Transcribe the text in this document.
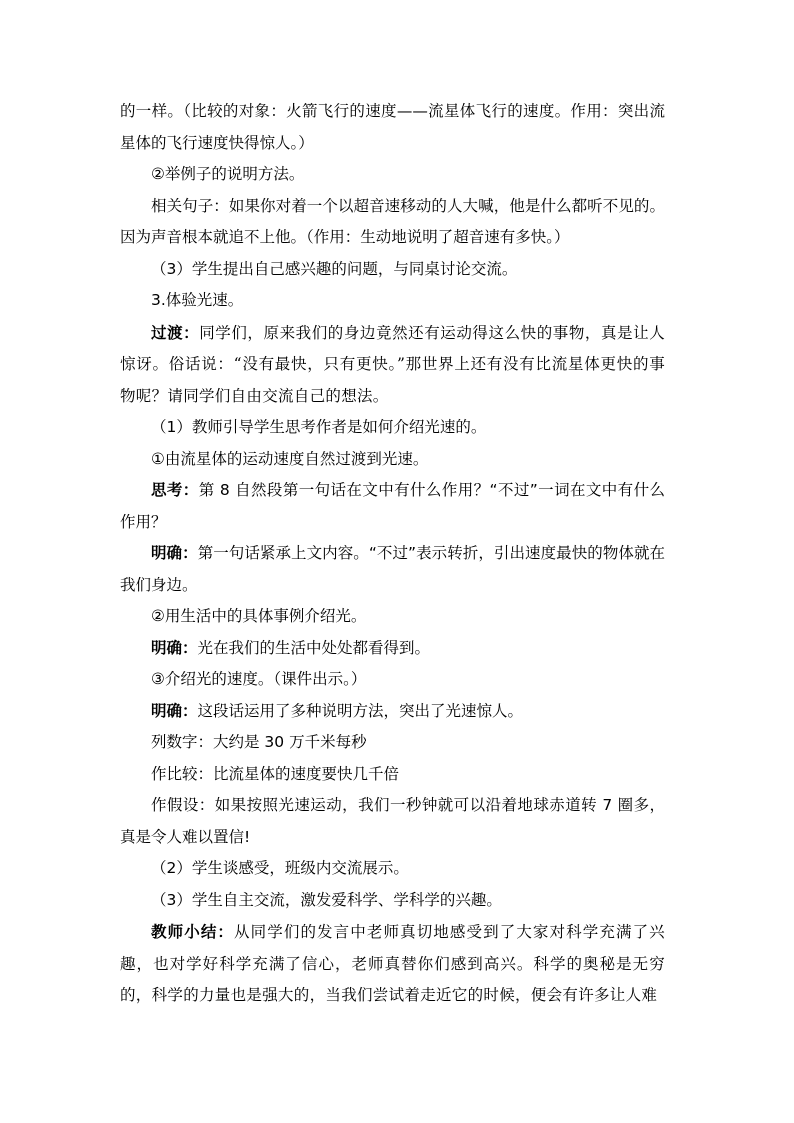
的一样。（比较的对象：火箭飞行的速度——流星体飞行的速度。作用：突出流星体的飞行速度快得惊人。）

②举例子的说明方法。

相关句子：如果你对着一个以超音速移动的人大喊，他是什么都听不见的。因为声音根本就追不上他。（作用：生动地说明了超音速有多快。）

（3）学生提出自己感兴趣的问题，与同桌讨论交流。

3.体验光速。

过渡：同学们，原来我们的身边竟然还有运动得这么快的事物，真是让人惊讶。俗话说：“没有最快，只有更快。”那世界上还有没有比流星体更快的事物呢？请同学们自由交流自己的想法。

（1）教师引导学生思考作者是如何介绍光速的。

①由流星体的运动速度自然过渡到光速。

思考：第 8 自然段第一句话在文中有什么作用？“不过”一词在文中有什么作用？

明确：第一句话紧承上文内容。“不过”表示转折，引出速度最快的物体就在我们身边。

②用生活中的具体事例介绍光。

明确：光在我们的生活中处处都看得到。

③介绍光的速度。（课件出示。）

明确：这段话运用了多种说明方法，突出了光速惊人。

列数字：大约是 30 万千米每秒

作比较：比流星体的速度要快几千倍

作假设：如果按照光速运动，我们一秒钟就可以沿着地球赤道转 7 圈多，真是令人难以置信!

（2）学生谈感受，班级内交流展示。

（3）学生自主交流，激发爱科学、学科学的兴趣。

教师小结：从同学们的发言中老师真切地感受到了大家对科学充满了兴趣，也对学好科学充满了信心，老师真替你们感到高兴。科学的奥秘是无穷的，科学的力量也是强大的，当我们尝试着走近它的时候，便会有许多让人难
